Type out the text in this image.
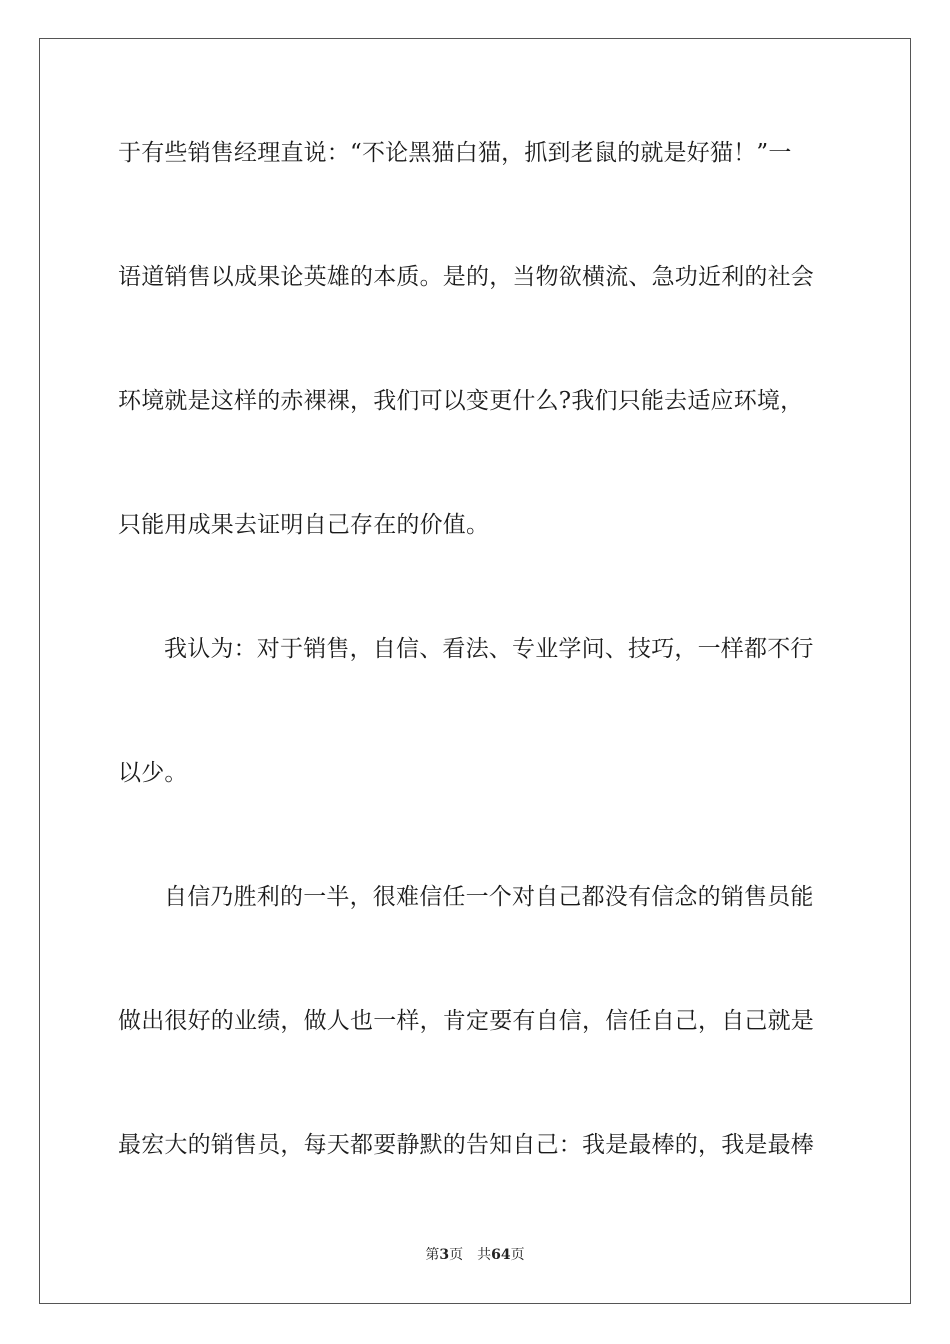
于有些销售经理直说：“不论黑猫白猫，抓到老鼠的就是好猫！”一
语道销售以成果论英雄的本质。是的，当物欲横流、急功近利的社会
环境就是这样的赤裸裸，我们可以变更什么?我们只能去适应环境，
只能用成果去证明自己存在的价值。
我认为：对于销售，自信、看法、专业学问、技巧，一样都不行
以少。
自信乃胜利的一半，很难信任一个对自己都没有信念的销售员能
做出很好的业绩，做人也一样，肯定要有自信，信任自己，自己就是
最宏大的销售员，每天都要静默的告知自己：我是最棒的，我是最棒
第3页 共64页
